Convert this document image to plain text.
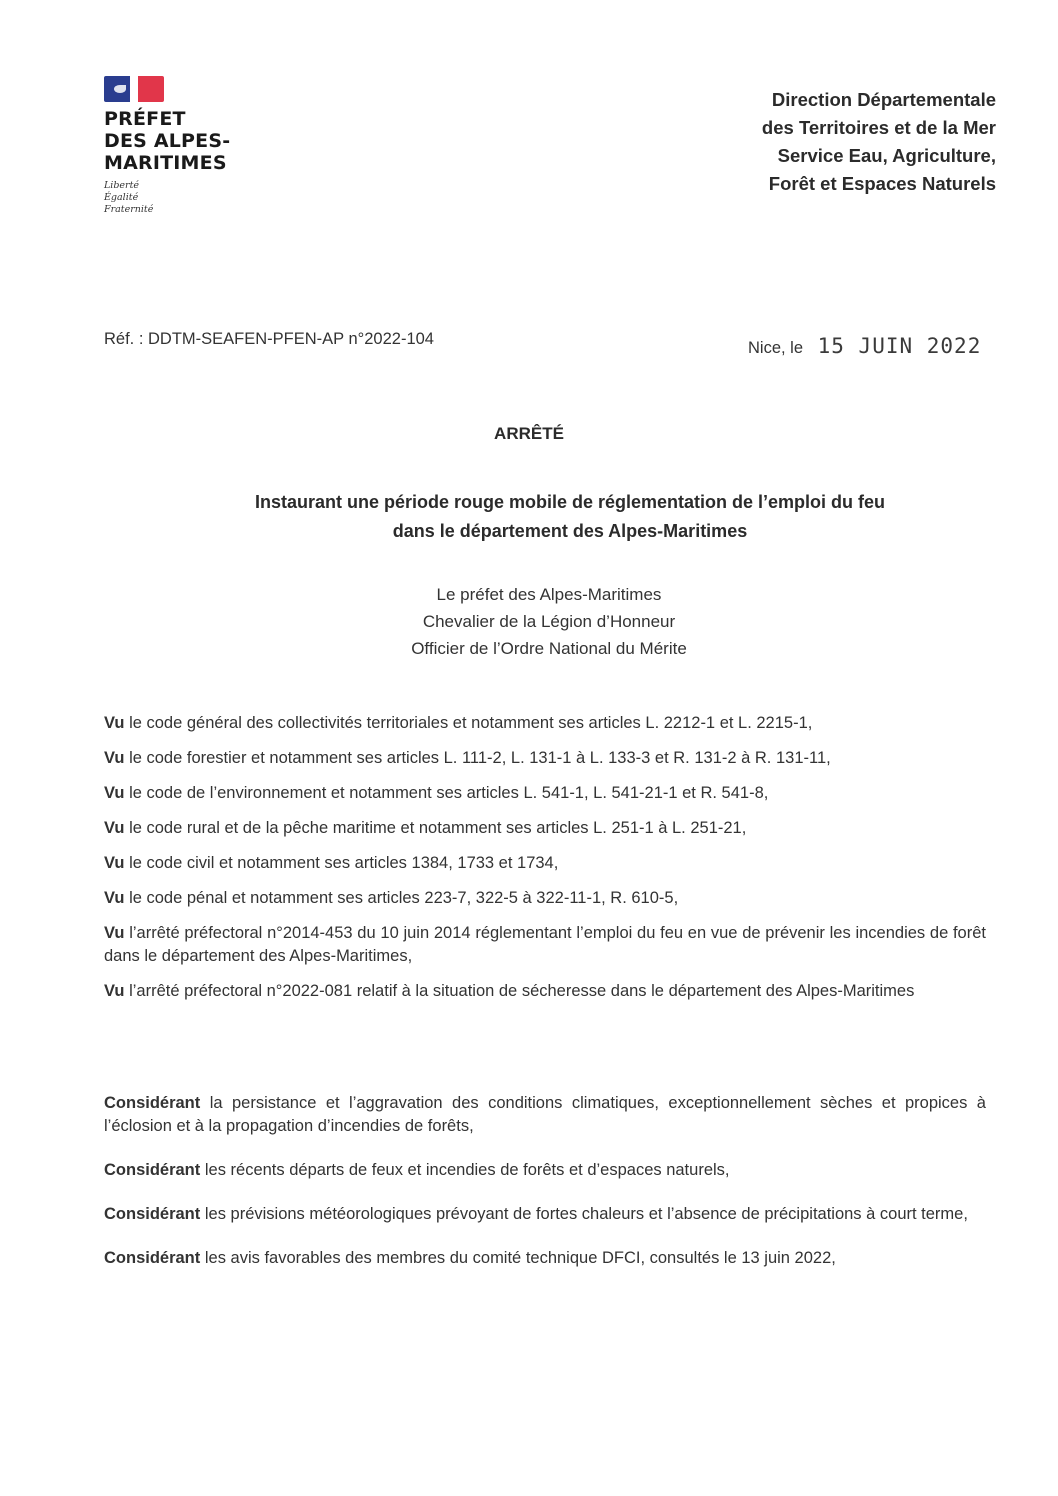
PRÉFET
DES ALPES-
MARITIMES
Liberté
Égalité
Fraternité
Direction Départementale
des Territoires et de la Mer
Service Eau, Agriculture,
Forêt et Espaces Naturels
Réf. : DDTM-SEAFEN-PFEN-AP n°2022-104	Nice, le 15 JUIN 2022
ARRÊTÉ
Instaurant une période rouge mobile de réglementation de l’emploi du feu
dans le département des Alpes-Maritimes
Le préfet des Alpes-Maritimes
Chevalier de la Légion d’Honneur
Officier de l’Ordre National du Mérite
Vu le code général des collectivités territoriales et notamment ses articles L. 2212-1 et L. 2215-1,
Vu le code forestier et notamment ses articles L. 111-2, L. 131-1 à L. 133-3 et R. 131-2 à R. 131-11,
Vu le code de l’environnement et notamment ses articles L. 541-1, L. 541-21-1 et R. 541-8,
Vu le code rural et de la pêche maritime et notamment ses articles L. 251-1 à L. 251-21,
Vu le code civil et notamment ses articles 1384, 1733 et 1734,
Vu le code pénal et notamment ses articles 223-7, 322-5 à 322-11-1, R. 610-5,
Vu l’arrêté préfectoral n°2014-453 du 10 juin 2014 réglementant l’emploi du feu en vue de prévenir les incendies de forêt dans le département des Alpes-Maritimes,
Vu l’arrêté préfectoral n°2022-081 relatif à la situation de sécheresse dans le département des Alpes-Maritimes
Considérant la persistance et l’aggravation des conditions climatiques, exceptionnellement sèches et propices à l’éclosion et à la propagation d’incendies de forêts,
Considérant les récents départs de feux et incendies de forêts et d’espaces naturels,
Considérant les prévisions météorologiques prévoyant de fortes chaleurs et l’absence de précipitations à court terme,
Considérant les avis favorables des membres du comité technique DFCI, consultés le 13 juin 2022,
